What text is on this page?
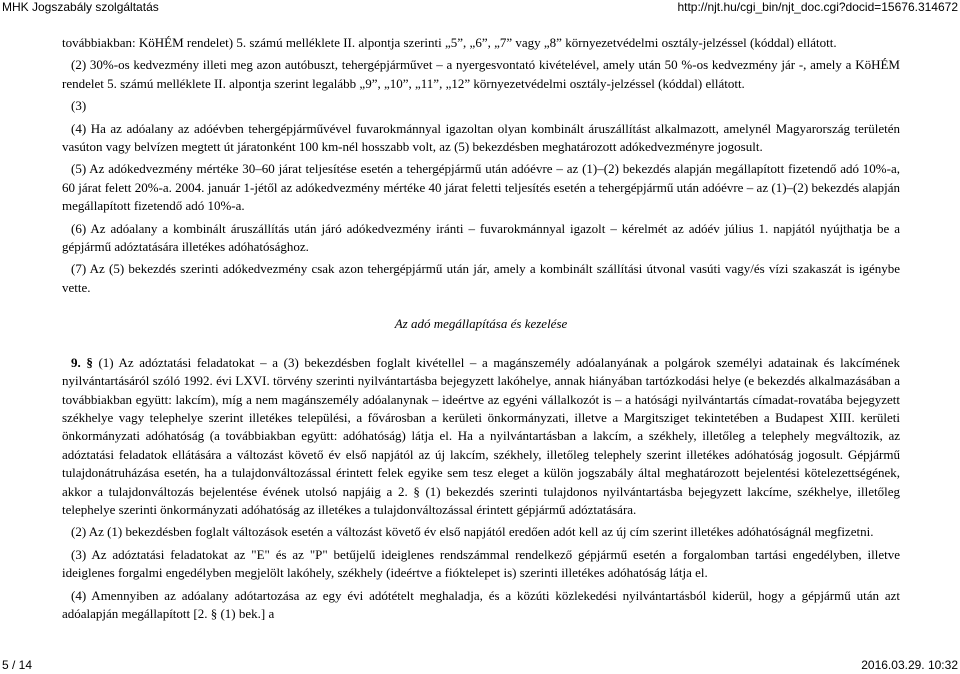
MHK Jogszabály szolgáltatás	http://njt.hu/cgi_bin/njt_doc.cgi?docid=15676.314672

továbbiakban: KöHÉM rendelet) 5. számú melléklete II. alpontja szerinti „5”, „6”, „7” vagy „8” környezetvédelmi osztály-jelzéssel (kóddal) ellátott.

(2) 30%-os kedvezmény illeti meg azon autóbuszt, tehergépjárművet – a nyergesvontató kivételével, amely után 50 %-os kedvezmény jár -, amely a KöHÉM rendelet 5. számú melléklete II. alpontja szerint legalább „9”, „10”, „11”, „12” környezetvédelmi osztály-jelzéssel (kóddal) ellátott.

(3)

(4) Ha az adóalany az adóévben tehergépjárművével fuvarokmánnyal igazoltan olyan kombinált áruszállítást alkalmazott, amelynél Magyarország területén vasúton vagy belvízen megtett út járatonként 100 km-nél hosszabb volt, az (5) bekezdésben meghatározott adókedvezményre jogosult.

(5) Az adókedvezmény mértéke 30–60 járat teljesítése esetén a tehergépjármű után adóévre – az (1)–(2) bekezdés alapján megállapított fizetendő adó 10%-a, 60 járat felett 20%-a. 2004. január 1-jétől az adókedvezmény mértéke 40 járat feletti teljesítés esetén a tehergépjármű után adóévre – az (1)–(2) bekezdés alapján megállapított fizetendő adó 10%-a.

(6) Az adóalany a kombinált áruszállítás után járó adókedvezmény iránti – fuvarokmánnyal igazolt – kérelmét az adóév július 1. napjától nyújthatja be a gépjármű adóztatására illetékes adóhatósághoz.

(7) Az (5) bekezdés szerinti adókedvezmény csak azon tehergépjármű után jár, amely a kombinált szállítási útvonal vasúti vagy/és vízi szakaszát is igénybe vette.

Az adó megállapítása és kezelése

9. § (1) Az adóztatási feladatokat – a (3) bekezdésben foglalt kivétellel – a magánszemély adóalanyának a polgárok személyi adatainak és lakcímének nyilvántartásáról szóló 1992. évi LXVI. törvény szerinti nyilvántartásba bejegyzett lakóhelye, annak hiányában tartózkodási helye (e bekezdés alkalmazásában a továbbiakban együtt: lakcím), míg a nem magánszemély adóalanynak – ideértve az egyéni vállalkozót is – a hatósági nyilvántartás címadat-rovatába bejegyzett székhelye vagy telephelye szerint illetékes települési, a fővárosban a kerületi önkormányzati, illetve a Margitsziget tekintetében a Budapest XIII. kerületi önkormányzati adóhatóság (a továbbiakban együtt: adóhatóság) látja el. Ha a nyilvántartásban a lakcím, a székhely, illetőleg a telephely megváltozik, az adóztatási feladatok ellátására a változást követő év első napjától az új lakcím, székhely, illetőleg telephely szerint illetékes adóhatóság jogosult. Gépjármű tulajdonátruházása esetén, ha a tulajdonváltozással érintett felek egyike sem tesz eleget a külön jogszabály által meghatározott bejelentési kötelezettségének, akkor a tulajdonváltozás bejelentése évének utolsó napjáig a 2. § (1) bekezdés szerinti tulajdonos nyilvántartásba bejegyzett lakcíme, székhelye, illetőleg telephelye szerinti önkormányzati adóhatóság az illetékes a tulajdonváltozással érintett gépjármű adóztatására.

(2) Az (1) bekezdésben foglalt változások esetén a változást követő év első napjától eredően adót kell az új cím szerint illetékes adóhatóságnál megfizetni.

(3) Az adóztatási feladatokat az "E" és az "P" betűjelű ideiglenes rendszámmal rendelkező gépjármű esetén a forgalomban tartási engedélyben, illetve ideiglenes forgalmi engedélyben megjelölt lakóhely, székhely (ideértve a fióktelepet is) szerinti illetékes adóhatóság látja el.

(4) Amennyiben az adóalany adótartozása az egy évi adótételt meghaladja, és a közúti közlekedési nyilvántartásból kiderül, hogy a gépjármű után azt adóalapján megállapított [2. § (1) bek.] a

5 / 14	2016.03.29. 10:32
